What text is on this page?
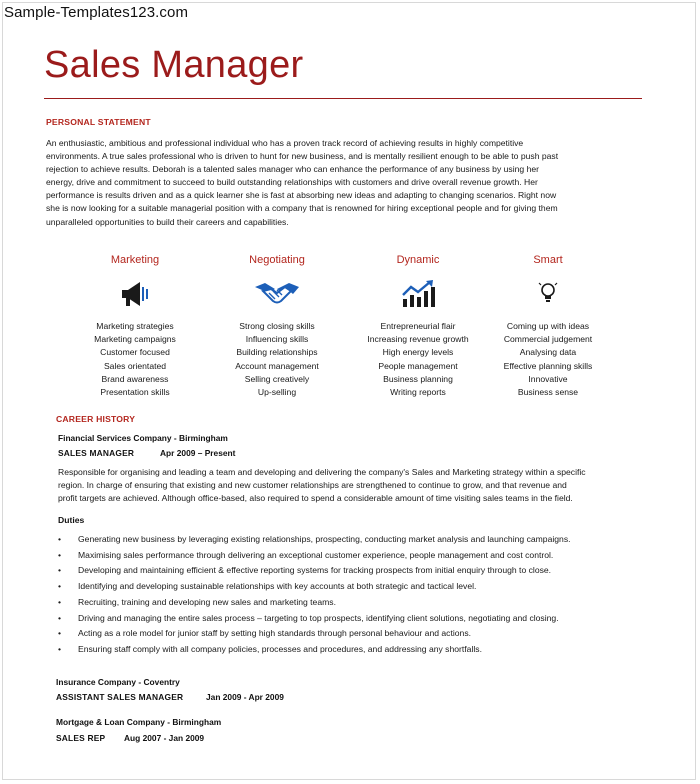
Sample-Templates123.com
Sales Manager
PERSONAL STATEMENT

An enthusiastic, ambitious and professional individual who has a proven track record of achieving results in highly competitive

environments. A true sales professional who is driven to hunt for new business, and is mentally resilient enough to be able to push past

rejection to achieve results. Deborah is a talented sales manager who can enhance the performance of any business by using her

energy, drive and commitment to succeed to build outstanding relationships with customers and drive overall revenue growth. Her

performance is results driven and as a quick learner she is fast at absorbing new ideas and adapting to changing scenarios. Right now

she is now looking for a suitable managerial position with a company that is renowned for hiring exceptional people and for giving them

unparalleled opportunities to build their careers and capabilities.

Marketing
Marketing strategies
Marketing campaigns
Customer focused
Sales orientated
Brand awareness
Presentation skills
Negotiating
Strong closing skills
Influencing skills
Building relationships
Account management
Selling creatively
Up-selling
Dynamic
Entrepreneurial flair
Increasing revenue growth
High energy levels
People management
Business planning
Writing reports
Smart
Coming up with ideas
Commercial judgement
Analysing data
Effective planning skills
Innovative
Business sense
CAREER HISTORY
Financial Services Company - Birmingham
SALES MANAGER	Apr 2009 – Present

Responsible for organising and leading a team and developing and delivering the company's Sales and Marketing strategy within a specific

region. In charge of ensuring that existing and new customer relationships are strengthened to continue to grow, and that revenue and

profit targets are achieved. Although office-based, also required to spend a considerable amount of time visiting sales teams in the field.

Duties
• Generating new business by leveraging existing relationships, prospecting, conducting market analysis and launching campaigns.
• Maximising sales performance through delivering an exceptional customer experience, people management and cost control.
• Developing and maintaining efficient & effective reporting systems for tracking prospects from initial enquiry through to close.
• Identifying and developing sustainable relationships with key accounts at both strategic and tactical level.
• Recruiting, training and developing new sales and marketing teams.
• Driving and managing the entire sales process – targeting to top prospects, identifying client solutions, negotiating and closing.
• Acting as a role model for junior staff by setting high standards through personal behaviour and actions.
• Ensuring staff comply with all company policies, processes and procedures, and addressing any shortfalls.
Insurance Company - Coventry
ASSISTANT SALES MANAGER	Jan 2009 - Apr 2009
Mortgage & Loan Company - Birmingham
SALES REP Aug 2007 - Jan 2009
